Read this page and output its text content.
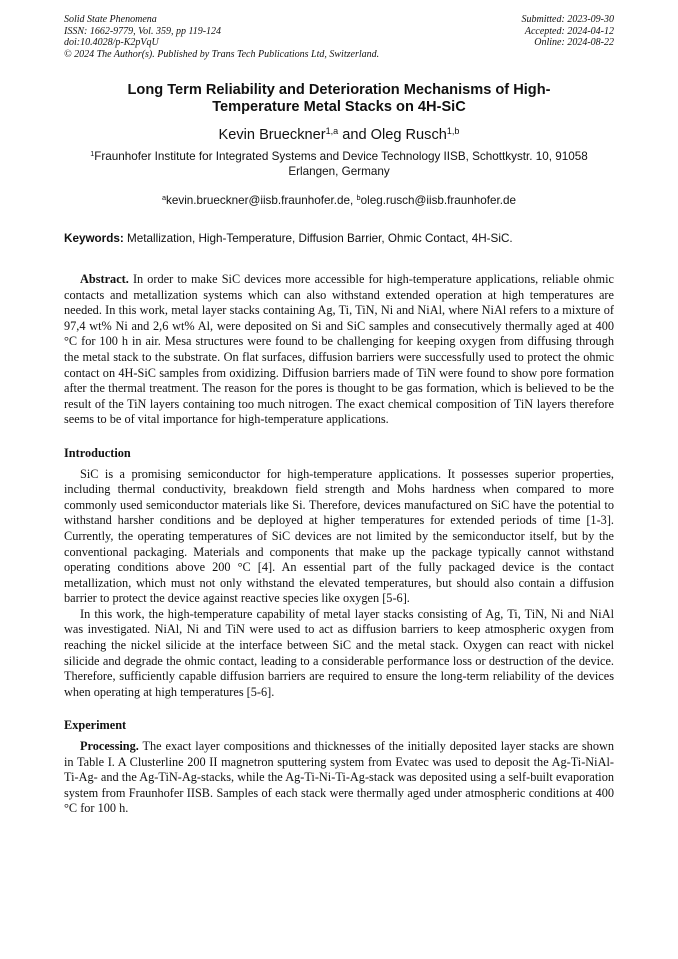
Solid State Phenomena
ISSN: 1662-9779, Vol. 359, pp 119-124
doi:10.4028/p-K2pVqU
© 2024 The Author(s). Published by Trans Tech Publications Ltd, Switzerland.
Submitted: 2023-09-30
Accepted: 2024-04-12
Online: 2024-08-22
Long Term Reliability and Deterioration Mechanisms of High-Temperature Metal Stacks on 4H-SiC
Kevin Brueckner$^{1,a}$ and Oleg Rusch$^{1,b}$
$^1$Fraunhofer Institute for Integrated Systems and Device Technology IISB, Schottkystr. 10, 91058 Erlangen, Germany
$^a$kevin.brueckner@iisb.fraunhofer.de, $^b$oleg.rusch@iisb.fraunhofer.de
Keywords: Metallization, High-Temperature, Diffusion Barrier, Ohmic Contact, 4H-SiC.

Abstract. In order to make SiC devices more accessible for high-temperature applications, reliable ohmic contacts and metallization systems which can also withstand extended operation at high temperatures are needed. In this work, metal layer stacks containing Ag, Ti, TiN, Ni and NiAl, where NiAl refers to a mixture of 97,4 wt% Ni and 2,6 wt% Al, were deposited on Si and SiC samples and consecutively thermally aged at 400 °C for 100 h in air. Mesa structures were found to be challenging for keeping oxygen from diffusing through the metal stack to the substrate. On flat surfaces, diffusion barriers were successfully used to protect the ohmic contact on 4H-SiC samples from oxidizing. Diffusion barriers made of TiN were found to show pore formation after the thermal treatment. The reason for the pores is thought to be gas formation, which is believed to be the result of the TiN layers containing too much nitrogen. The exact chemical composition of TiN layers therefore seems to be of vital importance for high-temperature applications.

Introduction

SiC is a promising semiconductor for high-temperature applications. It possesses superior properties, including thermal conductivity, breakdown field strength and Mohs hardness when compared to more commonly used semiconductor materials like Si. Therefore, devices manufactured on SiC have the potential to withstand harsher conditions and be deployed at higher temperatures for extended periods of time [1-3]. Currently, the operating temperatures of SiC devices are not limited by the semiconductor itself, but by the conventional packaging. Materials and components that make up the package typically cannot withstand operating conditions above 200 °C [4]. An essential part of the fully packaged device is the contact metallization, which must not only withstand the elevated temperatures, but should also contain a diffusion barrier to protect the device against reactive species like oxygen [5-6].

In this work, the high-temperature capability of metal layer stacks consisting of Ag, Ti, TiN, Ni and NiAl was investigated. NiAl, Ni and TiN were used to act as diffusion barriers to keep atmospheric oxygen from reaching the nickel silicide at the interface between SiC and the metal stack. Oxygen can react with nickel silicide and degrade the ohmic contact, leading to a considerable performance loss or destruction of the device. Therefore, sufficiently capable diffusion barriers are required to ensure the long-term reliability of the devices when operating at high temperatures [5-6].

Experiment

Processing. The exact layer compositions and thicknesses of the initially deposited layer stacks are shown in Table I. A Clusterline 200 II magnetron sputtering system from Evatec was used to deposit the Ag-Ti-NiAl-Ti-Ag- and the Ag-TiN-Ag-stacks, while the Ag-Ti-Ni-Ti-Ag-stack was deposited using a self-built evaporation system from Fraunhofer IISB. Samples of each stack were thermally aged under atmospheric conditions at 400 °C for 100 h.
